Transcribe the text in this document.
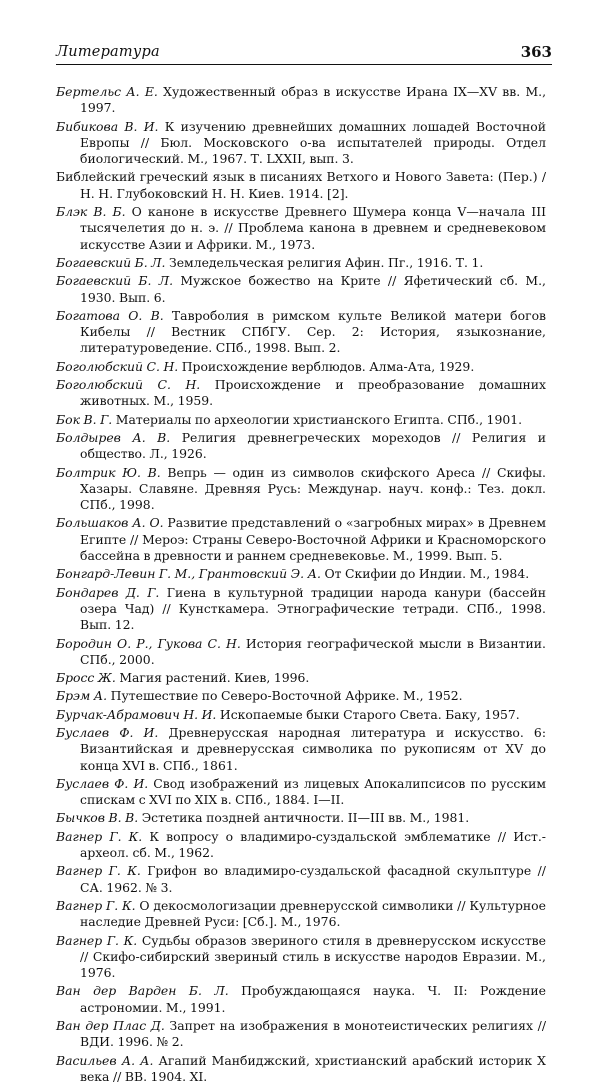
Литература	363

Бертельс А. Е. Художественный образ в искусстве Ирана IX—XV вв. М., 1997.

Бибикова В. И. К изучению древнейших домашних лошадей Восточной Европы // Бюл. Московского о-ва испытателей природы. Отдел биологический. М., 1967. Т. LXXII, вып. 3.

Библейский греческий язык в писаниях Ветхого и Нового Завета: (Пер.) / Н. Н. Глубоковский Н. Н. Киев. 1914. [2].

Блэк В. Б. О каноне в искусстве Древнего Шумера конца V—начала III тысячелетия до н. э. // Проблема канона в древнем и средневековом искусстве Азии и Африки. М., 1973.

Богаевский Б. Л. Земледельческая религия Афин. Пг., 1916. Т. 1.

Богаевский Б. Л. Мужское божество на Крите // Яфетический сб. М., 1930. Вып. 6.

Богатова О. В. Тавроболия в римском культе Великой матери богов Кибелы // Вестник СПбГУ. Сер. 2: История, языкознание, литературоведение. СПб., 1998. Вып. 2.

Боголюбский С. Н. Происхождение верблюдов. Алма-Ата, 1929.

Боголюбский С. Н. Происхождение и преобразование домашних животных. М., 1959.

Бок В. Г. Материалы по археологии христианского Египта. СПб., 1901.

Болдырев А. В. Религия древнегреческих мореходов // Религия и общество. Л., 1926.

Болтрик Ю. В. Вепрь — один из символов скифского Ареса // Скифы. Хазары. Славяне. Древняя Русь: Междунар. науч. конф.: Тез. докл. СПб., 1998.

Большаков А. О. Развитие представлений о «загробных мирах» в Древнем Египте // Мероэ: Страны Северо-Восточной Африки и Красноморского бассейна в древности и раннем средневековье. М., 1999. Вып. 5.

Бонгард-Левин Г. М., Грантовский Э. А. От Скифии до Индии. М., 1984.

Бондарев Д. Г. Гиена в культурной традиции народа канури (бассейн озера Чад) // Кунсткамера. Этнографические тетради. СПб., 1998. Вып. 12.

Бородин О. Р., Гукова С. Н. История географической мысли в Византии. СПб., 2000.

Бросс Ж. Магия растений. Киев, 1996.

Брэм А. Путешествие по Северо-Восточной Африке. М., 1952.

Бурчак-Абрамович Н. И. Ископаемые быки Старого Света. Баку, 1957.

Буслаев Ф. И. Древнерусская народная литература и искусство. 6: Византийская и древнерусская символика по рукописям от XV до конца XVI в. СПб., 1861.

Буслаев Ф. И. Свод изображений из лицевых Апокалипсисов по русским спискам с XVI по XIX в. СПб., 1884. I—II.

Бычков В. В. Эстетика поздней античности. II—III вв. М., 1981.

Вагнер Г. К. К вопросу о владимиро-суздальской эмблематике // Ист.-археол. сб. М., 1962.

Вагнер Г. К. Грифон во владимиро-суздальской фасадной скульптуре // СА. 1962. № 3.

Вагнер Г. К. О декосмологизации древнерусской символики // Культурное наследие Древней Руси: [Сб.]. М., 1976.

Вагнер Г. К. Судьбы образов звериного стиля в древнерусском искусстве // Скифо-сибирский звериный стиль в искусстве народов Евразии. М., 1976.

Ван дер Варден Б. Л. Пробуждающаяся наука. Ч. II: Рождение астрономии. М., 1991.

Ван дер Плас Д. Запрет на изображения в монотеистических религиях // ВДИ. 1996. № 2.

Васильев А. А. Агапий Манбиджский, христианский арабский историк X века // ВВ. 1904. XI.
